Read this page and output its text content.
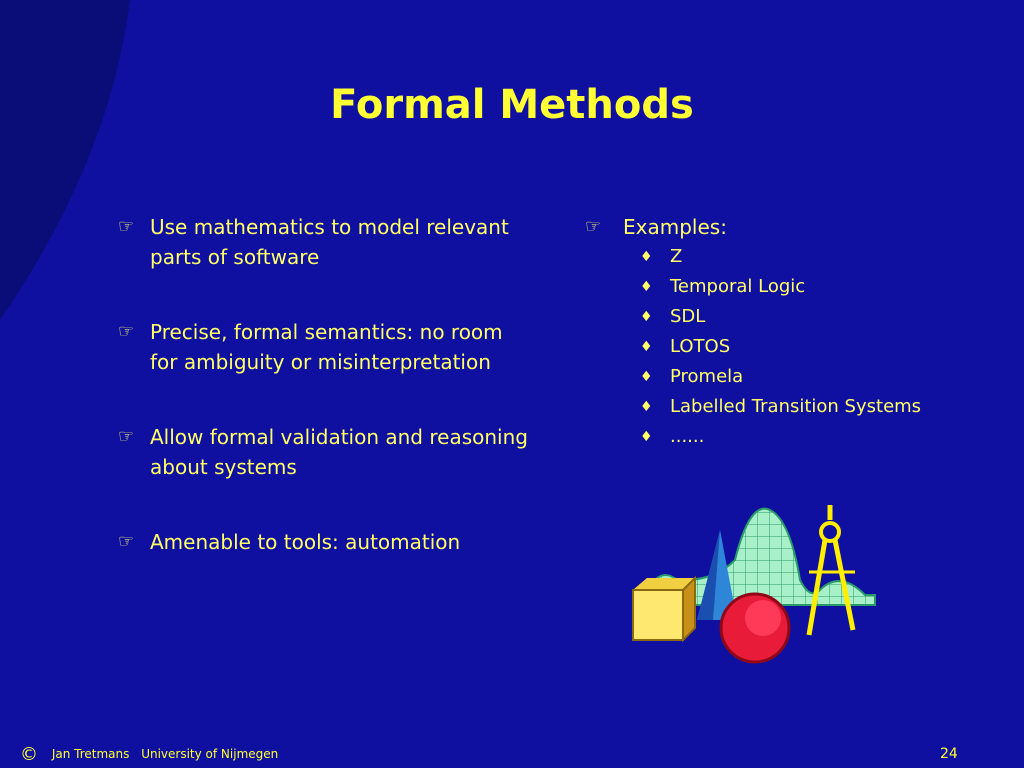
Formal Methods
☞ Use mathematics to model relevant parts of software
☞ Precise, formal semantics: no room for ambiguity or misinterpretation
☞ Allow formal validation and reasoning about systems
☞ Amenable to tools: automation
☞	Examples:
♦ Z
♦ Temporal Logic
♦ SDL
♦ LOTOS
♦ Promela
♦ Labelled Transition Systems
♦ ......
© Jan Tretmans University of Nijmegen	24
